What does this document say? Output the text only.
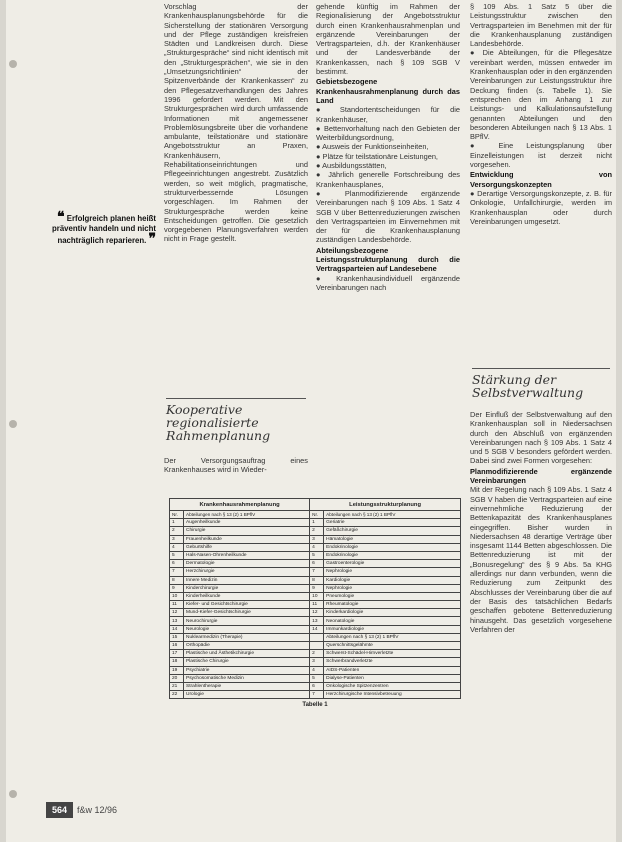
❝ Erfolgreich planen heißt präventiv handeln und nicht nachträglich reparieren. ❞

Vorschlag der Krankenhausplanungsbehörde für die Sicherstellung der stationären Versorgung und der Pflege zuständigen kreisfreien Städten und Landkreisen durch. Diese „Strukturgespräche“ sind nicht identisch mit den „Strukturgesprächen“, wie sie in den „Umsetzungsrichtlinien“ der Spitzenverbände der Krankenkassen“ zu den Pflegesatzverhandlungen des Jahres 1996 gefordert werden. Mit den Strukturgesprächen wird durch umfassende Informationen mit angemessener Problemlösungsbreite über die vorhandene ambulante, teilstationäre und stationäre Angebotsstruktur an Praxen, Krankenhäusern, Rehabilitationseinrichtungen und Pflegeeinrichtungen angestrebt. Zusätzlich werden, so weit möglich, pragmatische, strukturverbessernde Lösungen vorgeschlagen. Im Rahmen der Strukturgespräche werden keine Entscheidungen getroffen. Die gesetzlich vorgegebenen Planungsverfahren werden nicht in Frage gestellt.

Kooperative regionalisierte Rahmenplanung

Der Versorgungsauftrag eines Krankenhauses wird in Wieder-

gehende künftig im Rahmen der Regionalisierung der Angebotsstruktur durch einen Krankenhausrahmenplan und ergänzende Vereinbarungen der Vertragsparteien, d.h. der Krankenhäuser und der Landesverbände der Krankenkassen, nach § 109 SGB V bestimmt.

Gebietsbezogene Krankenhausrahmenplanung durch das Land

● Standortentscheidungen für die Krankenhäuser,
● Bettenvorhaltung nach den Gebieten der Weiterbildungsordnung,
● Ausweis der Funktionseinheiten,
● Plätze für teilstationäre Leistungen,
● Ausbildungsstätten,
● Jährlich generelle Fortschreibung des Krankenhausplanes,
● Planmodifizierende ergänzende Vereinbarungen nach § 109 Abs. 1 Satz 4 SGB V über Bettenreduzierungen zwischen den Vertragsparteien im Einvernehmen mit der für die Krankenhausplanung zuständigen Landesbehörde.

Abteilungsbezogene Leistungsstrukturplanung durch die Vertragsparteien auf Landesebene

● Krankenhausindividuell ergänzende Vereinbarungen nach

§ 109 Abs. 1 Satz 5 über die Leistungsstruktur zwischen den Vertragsparteien im Benehmen mit der für die Krankenhausplanung zuständigen Landesbehörde.

● Die Abteilungen, für die Pflegesätze vereinbart werden, müssen entweder im Krankenhausplan oder in den ergänzenden Vereinbarungen zur Leistungsstruktur ihre Deckung finden (s. Tabelle 1). Sie entsprechen den im Anhang 1 zur Leistungs- und Kalkulationsaufstellung genannten Abteilungen und den besonderen Abteilungen nach § 13 Abs. 1 BPflV.
● Eine Leistungsplanung über Einzelleistungen ist derzeit nicht vorgesehen.

Entwicklung von Versorgungskonzepten

● Derartige Versorgungskonzepte, z. B. für Onkologie, Unfallchirurgie, werden im Krankenhausplan oder durch Vereinbarungen umgesetzt.
Stärkung der Selbstverwaltung

Der Einfluß der Selbstverwaltung auf den Krankenhausplan soll in Niedersachsen durch den Abschluß von ergänzenden Vereinbarungen nach § 109 Abs. 1 Satz 4 und 5 SGB V besonders gefördert werden. Dabei sind zwei Formen vorgesehen:

Planmodifizierende ergänzende Vereinbarungen

Mit der Regelung nach § 109 Abs. 1 Satz 4 SGB V haben die Vertragsparteien auf eine einvernehmliche Reduzierung der Bettenkapazität des Krankenhausplanes eingegriffen. Bisher wurden in Niedersachsen 48 derartige Verträge über insgesamt 1144 Betten abgeschlossen. Die Bettenreduzierung ist mit der „Bonusregelung“ des § 9 Abs. 5a KHG allerdings nur dann verbunden, wenn die Reduzierung zum Zeitpunkt des Abschlusses der Vereinbarung über die auf der Basis des tatsächlichen Bedarfs geschaffen gebotene Bettenreduzierung hinausgeht. Das gesetzlich vorgesehene Verfahren der

Krankenhausrahmenplanung		Leistungsstrukturplanung	
Nr.	Abteilungen nach § 13 (2) 1 BPflV	Nr.	Abteilungen nach § 13 (2) 1 BPflV
1	Augenheilkunde	1	Geriatrie
2	Chirurgie	2	Gefäßchirurgie
3	Frauenheilkunde	3	Hämatologie
4	Geburtshilfe	4	Endokrinologie
5	Hals-Nasen-Ohrenheilkunde	5	Endokrinologie
6	Dermatologie	6	Gastroenterologie
7	Herzchirurgie	7	Nephrologie
8	Innere Medizin	8	Kardiologie
9	Kinderchirurgie	9	Nephrologie
10	Kinderheilkunde	10	Pneumologie
11	Kiefer- und Gesichtschirurgie	11	Rheumatologie
12	Mund-Kiefer-Gesichtschirurgie	12	Kinderkardiologie
13	Neurochirurgie	13	Neonatologie
14	Neurologie	14	Immunkardiologie
15	Nuklearmedizin (Therapie)		Abteilungen nach § 13 (2) 1 BPflV
16	Orthopädie		Querschnittsgelähmte
17	Plastische und Ästhetikchirurgie	2	Schwerst-Schädel-Hirnverletzte
18	Plastische Chirurgie	3	Schwerbrandverletzte
19	Psychiatrie	4	AIDS-Patienten
20	Psychosomatische Medizin	5	Dialyse-Patienten
21	Strahlentherapie	6	Onkologische Spitzenzentren
22	Urologie	7	Herzchirurgische Intensivbetreuung
Tabelle 1
564 f&w 12/96
